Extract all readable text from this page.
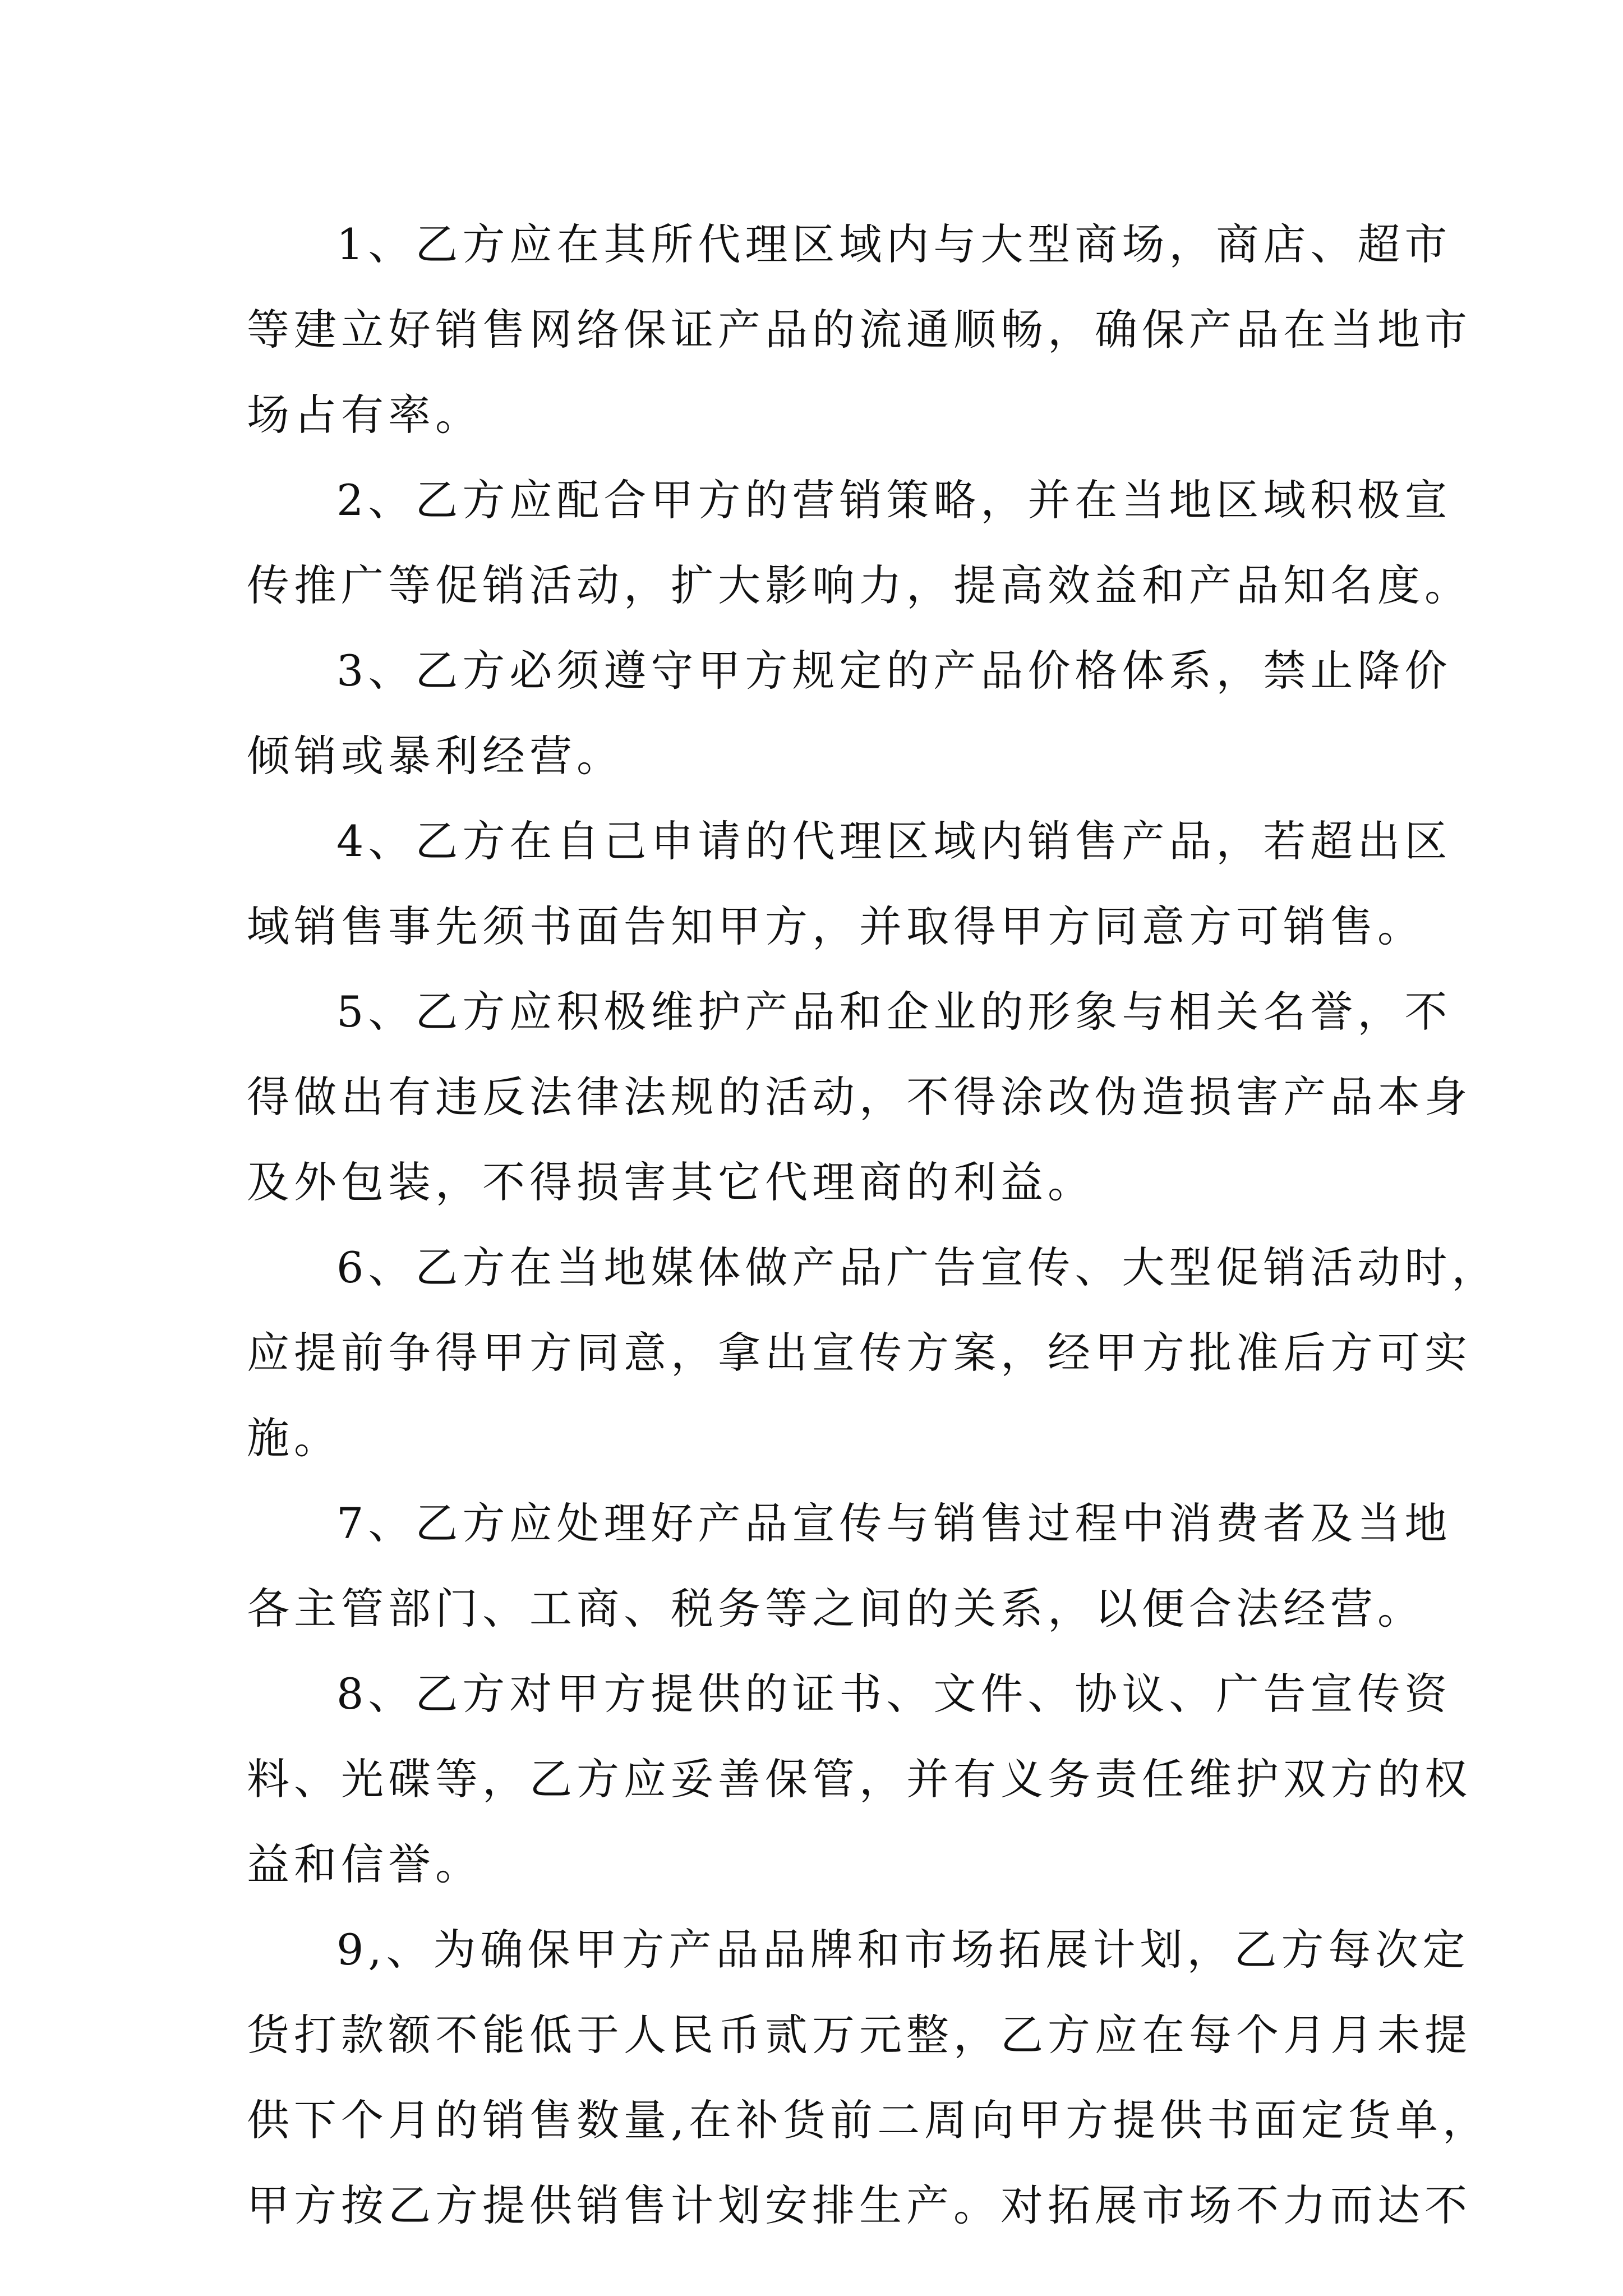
1、乙方应在其所代理区域内与大型商场，商店、超市
等建立好销售网络保证产品的流通顺畅，确保产品在当地市
场占有率。
2、乙方应配合甲方的营销策略，并在当地区域积极宣
传推广等促销活动，扩大影响力，提高效益和产品知名度。
3、乙方必须遵守甲方规定的产品价格体系，禁止降价
倾销或暴利经营。
4、乙方在自己申请的代理区域内销售产品，若超出区
域销售事先须书面告知甲方，并取得甲方同意方可销售。
5、乙方应积极维护产品和企业的形象与相关名誉，不
得做出有违反法律法规的活动，不得涂改伪造损害产品本身
及外包装，不得损害其它代理商的利益。
6、乙方在当地媒体做产品广告宣传、大型促销活动时，
应提前争得甲方同意，拿出宣传方案，经甲方批准后方可实
施。
7、乙方应处理好产品宣传与销售过程中消费者及当地
各主管部门、工商、税务等之间的关系，以便合法经营。
8、乙方对甲方提供的证书、文件、协议、广告宣传资
料、光碟等，乙方应妥善保管，并有义务责任维护双方的权
益和信誉。
9,、为确保甲方产品品牌和市场拓展计划，乙方每次定
货打款额不能低于人民币贰万元整，乙方应在每个月月未提
供下个月的销售数量,在补货前二周向甲方提供书面定货单，
甲方按乙方提供销售计划安排生产。对拓展市场不力而达不
